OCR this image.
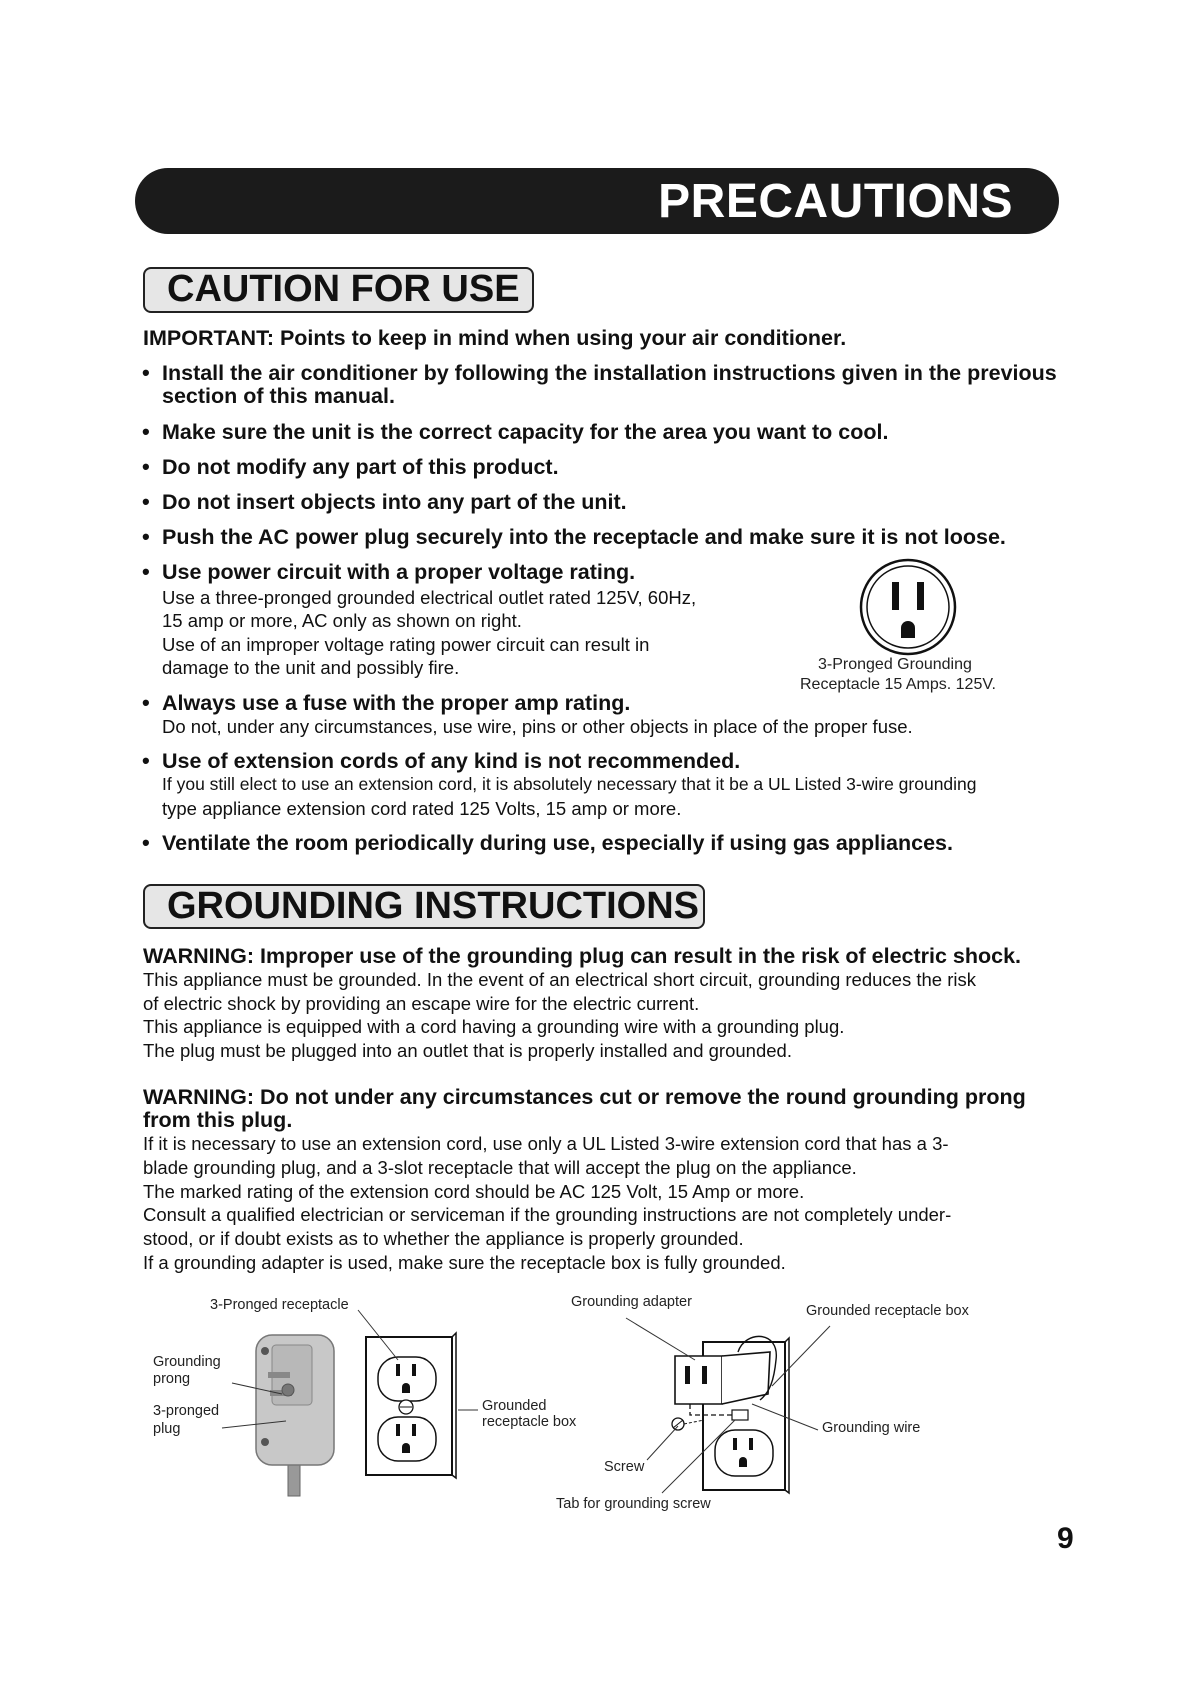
PRECAUTIONS
CAUTION FOR USE
IMPORTANT: Points to keep in mind when using your air conditioner.
• Install the air conditioner by following the installation instructions given in the previous
section of this manual.
• Make sure the unit is the correct capacity for the area you want to cool.
• Do not modify any part of this product.
• Do not insert objects into any part of the unit.
• Push the AC power plug securely into the receptacle and make sure it is not loose.
• Use power circuit with a proper voltage rating.
Use a three-pronged grounded electrical outlet rated 125V, 60Hz,
15 amp or more, AC only as shown on right.
Use of an improper voltage rating power circuit can result in
damage to the unit and possibly fire.	3-Pronged Grounding
Receptacle 15 Amps. 125V.
• Always use a fuse with the proper amp rating.
Do not, under any circumstances, use wire, pins or other objects in place of the proper fuse.
• Use of extension cords of any kind is not recommended.
If you still elect to use an extension cord, it is absolutely necessary that it be a UL Listed 3-wire grounding
type appliance extension cord rated 125 Volts, 15 amp or more.
• Ventilate the room periodically during use, especially if using gas appliances.
GROUNDING INSTRUCTIONS
WARNING: Improper use of the grounding plug can result in the risk of electric shock.
This appliance must be grounded. In the event of an electrical short circuit, grounding reduces the risk
of electric shock by providing an escape wire for the electric current.
This appliance is equipped with a cord having a grounding wire with a grounding plug.
The plug must be plugged into an outlet that is properly installed and grounded.
WARNING: Do not under any circumstances cut or remove the round grounding prong
from this plug.
If it is necessary to use an extension cord, use only a UL Listed 3-wire extension cord that has a 3-
blade grounding plug, and a 3-slot receptacle that will accept the plug on the appliance.
The marked rating of the extension cord should be AC 125 Volt, 15 Amp or more.
Consult a qualified electrician or serviceman if the grounding instructions are not completely under-
stood, or if doubt exists as to whether the appliance is properly grounded.
If a grounding adapter is used, make sure the receptacle box is fully grounded.
3-Pronged receptacle
Grounding
prong
3-pronged
plug
Grounded
receptacle box
Grounding adapter
Grounded receptacle box
Grounding wire
Screw
Tab for grounding screw
9
